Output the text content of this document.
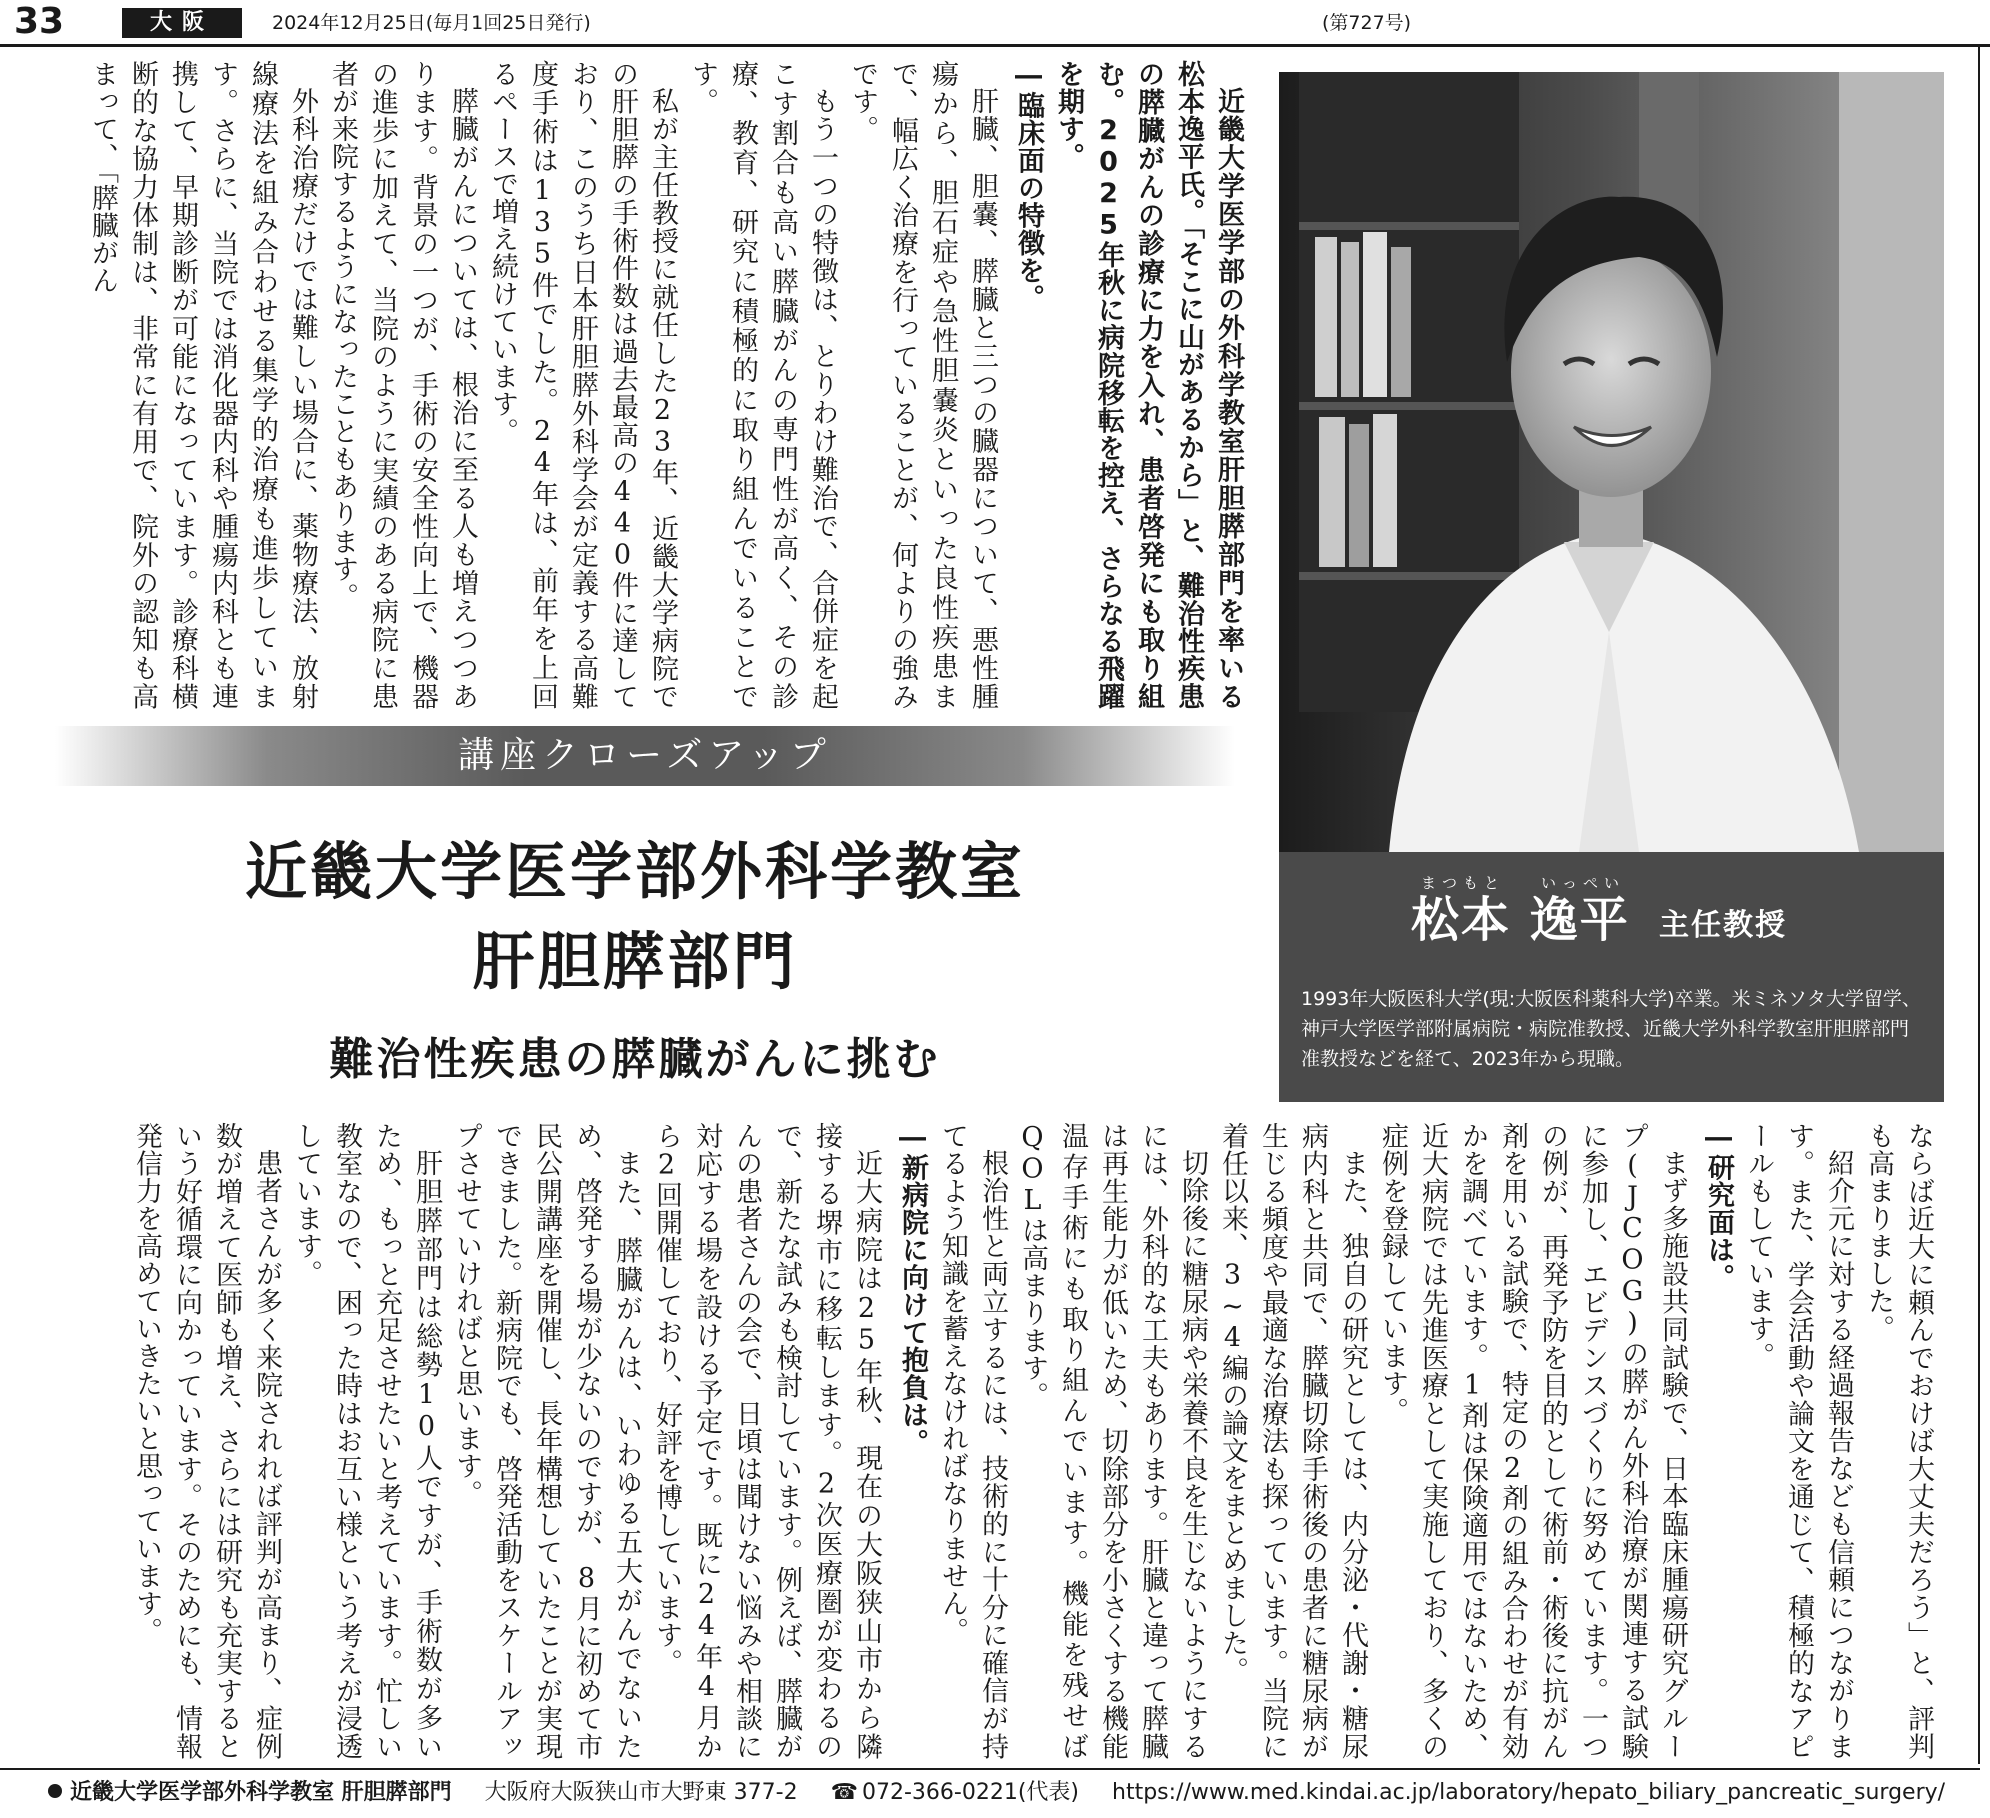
33	大阪	2024年12月25日(毎月1回25日発行)	(第727号)

近畿大学医学部の外科学教室肝胆膵部門を率いる松本逸平氏。「そこに山があるから」と、難治性疾患の膵臓がんの診療に力を入れ、患者啓発にも取り組む。2025年秋に病院移転を控え、さらなる飛躍を期す。

―臨床面の特徴を。

肝臓、胆嚢、膵臓と三つの臓器について、悪性腫瘍から、胆石症や急性胆嚢炎といった良性疾患まで、幅広く治療を行っていることが、何よりの強みです。

もう一つの特徴は、とりわけ難治で、合併症を起こす割合も高い膵臓がんの専門性が高く、その診療、教育、研究に積極的に取り組んでいることです。

私が主任教授に就任した23年、近畿大学病院での肝胆膵の手術件数は過去最高の440件に達しており、このうち日本肝胆膵外科学会が定義する高難度手術は135件でした。24年は、前年を上回るペースで増え続けています。

膵臓がんについては、根治に至る人も増えつつあります。背景の一つが、手術の安全性向上で、機器の進歩に加えて、当院のように実績のある病院に患者が来院するようになったこともあります。

外科治療だけでは難しい場合に、薬物療法、放射線療法を組み合わせる集学的治療も進歩しています。さらに、当院では消化器内科や腫瘍内科とも連携して、早期診断が可能になっています。診療科横断的な協力体制は、非常に有用で、院外の認知も高まって、「膵臓がん

講座クローズアップ
近畿大学医学部外科学教室
肝胆膵部門
難治性疾患の膵臓がんに挑む
まつもと いっぺい
松本 逸平 主任教授
1993年大阪医科大学(現:大阪医科薬科大学)卒業。米ミネソタ大学留学、神戸大学医学部附属病院・病院准教授、近畿大学外科学教室肝胆膵部門准教授などを経て、2023年から現職。

ならば近大に頼んでおけば大丈夫だろう」と、評判も高まりました。

紹介元に対する経過報告なども信頼につながります。また、学会活動や論文を通じて、積極的なアピールもしています。

―研究面は。

まず多施設共同試験で、日本臨床腫瘍研究グループ(JCOG)の膵がん外科治療が関連する試験に参加し、エビデンスづくりに努めています。一つの例が、再発予防を目的として術前・術後に抗がん剤を用いる試験で、特定の2剤の組み合わせが有効かを調べています。1剤は保険適用ではないため、近大病院では先進医療として実施しており、多くの症例を登録しています。

また、独自の研究としては、内分泌・代謝・糖尿病内科と共同で、膵臓切除手術後の患者に糖尿病が生じる頻度や最適な治療法も探っています。当院に着任以来、3~4編の論文をまとめました。

切除後に糖尿病や栄養不良を生じないようにするには、外科的な工夫もあります。肝臓と違って膵臓は再生能力が低いため、切除部分を小さくする機能温存手術にも取り組んでいます。機能を残せばQOLは高まります。

根治性と両立するには、技術的に十分に確信が持てるよう知識を蓄えなければなりません。

―新病院に向けて抱負は。

近大病院は25年秋、現在の大阪狭山市から隣接する堺市に移転します。2次医療圏が変わるので、新たな試みも検討しています。例えば、膵臓がんの患者さんの会で、日頃は聞けない悩みや相談に対応する場を設ける予定です。既に24年4月から2回開催しており、好評を博しています。

また、膵臓がんは、いわゆる五大がんでないため、啓発する場が少ないのですが、8月に初めて市民公開講座を開催し、長年構想していたことが実現できました。新病院でも、啓発活動をスケールアップさせていければと思います。

肝胆膵部門は総勢10人ですが、手術数が多いため、もっと充足させたいと考えています。忙しい教室なので、困った時はお互い様という考えが浸透しています。

患者さんが多く来院されれば評判が高まり、症例数が増えて医師も増え、さらには研究も充実するという好循環に向かっています。そのためにも、情報発信力を高めていきたいと思っています。

近畿大学医学部外科学教室 肝胆膵部門 大阪府大阪狭山市大野東 377-2 ☎ 072-366-0221(代表) https://www.med.kindai.ac.jp/laboratory/hepato_biliary_pancreatic_surgery/
